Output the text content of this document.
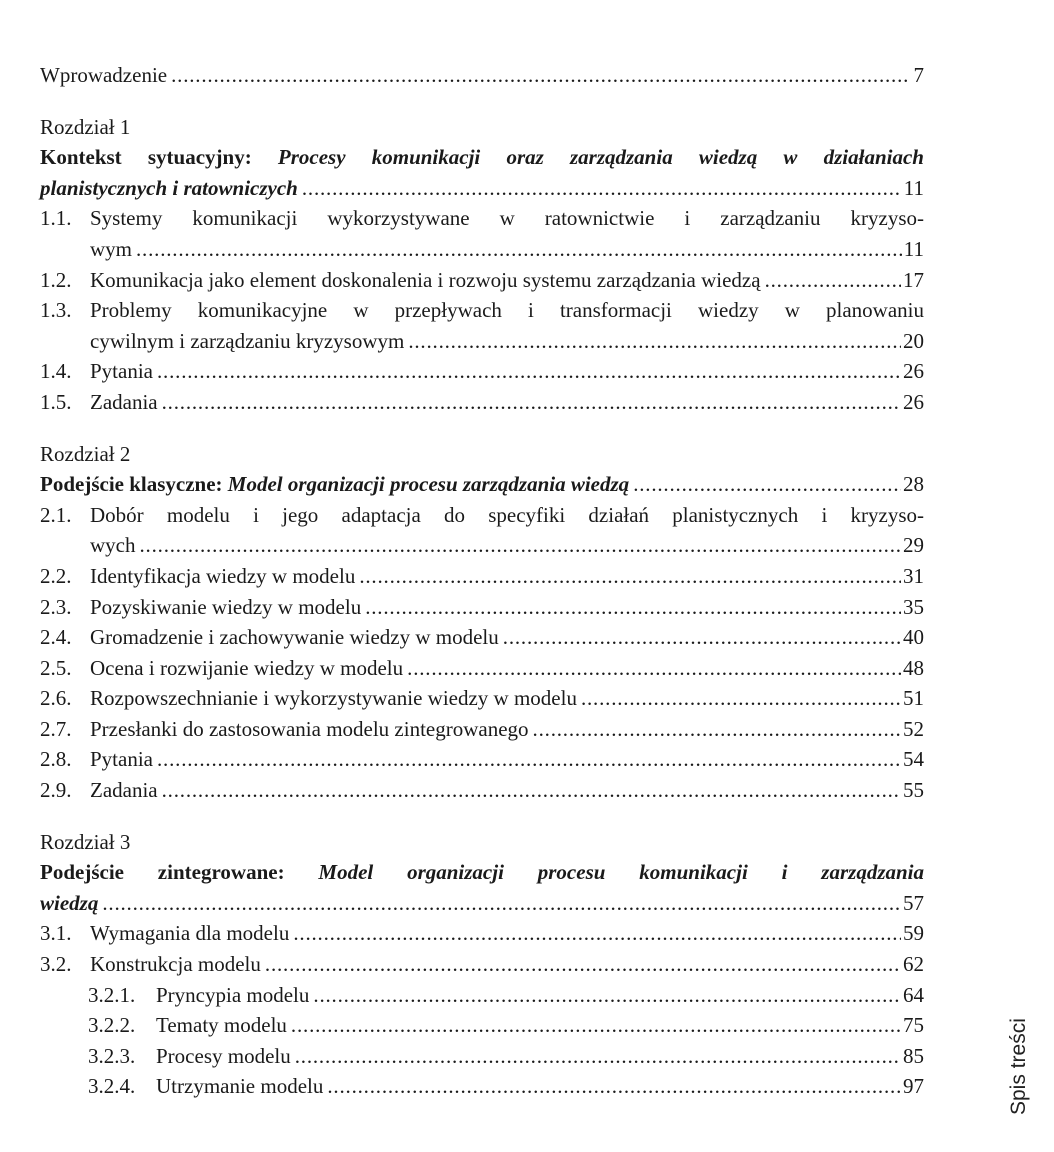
Wprowadzenie .....	7
Rozdział 1
Kontekst sytuacyjny: Procesy komunikacji oraz zarządzania wiedzą w działaniach
planistycznych i ratowniczych .....	11
1.1. Systemy komunikacji wykorzystywane w ratownictwie i zarządzaniu kryzyso-
wym .....	11
1.2. Komunikacja jako element doskonalenia i rozwoju systemu zarządzania wiedzą .....	17
1.3. Problemy komunikacyjne w przepływach i transformacji wiedzy w planowaniu
cywilnym i zarządzaniu kryzysowym .....	20
1.4. Pytania .....	26
1.5. Zadania .....	26
Rozdział 2
Podejście klasyczne: Model organizacji procesu zarządzania wiedzą .....	28
2.1. Dobór modelu i jego adaptacja do specyfiki działań planistycznych i kryzyso-
wych .....	29
2.2. Identyfikacja wiedzy w modelu .....	31
2.3. Pozyskiwanie wiedzy w modelu .....	35
2.4. Gromadzenie i zachowywanie wiedzy w modelu .....	40
2.5. Ocena i rozwijanie wiedzy w modelu .....	48
2.6. Rozpowszechnianie i wykorzystywanie wiedzy w modelu .....	51
2.7. Przesłanki do zastosowania modelu zintegrowanego .....	52
2.8. Pytania .....	54
2.9. Zadania .....	55
Rozdział 3
Podejście zintegrowane: Model organizacji procesu komunikacji i zarządzania
wiedzą .....	57
3.1. Wymagania dla modelu .....	59
3.2. Konstrukcja modelu .....	62
3.2.1. Pryncypia modelu .....	64
3.2.2. Tematy modelu .....	75
3.2.3. Procesy modelu .....	85
3.2.4. Utrzymanie modelu .....	97	Spis treści
